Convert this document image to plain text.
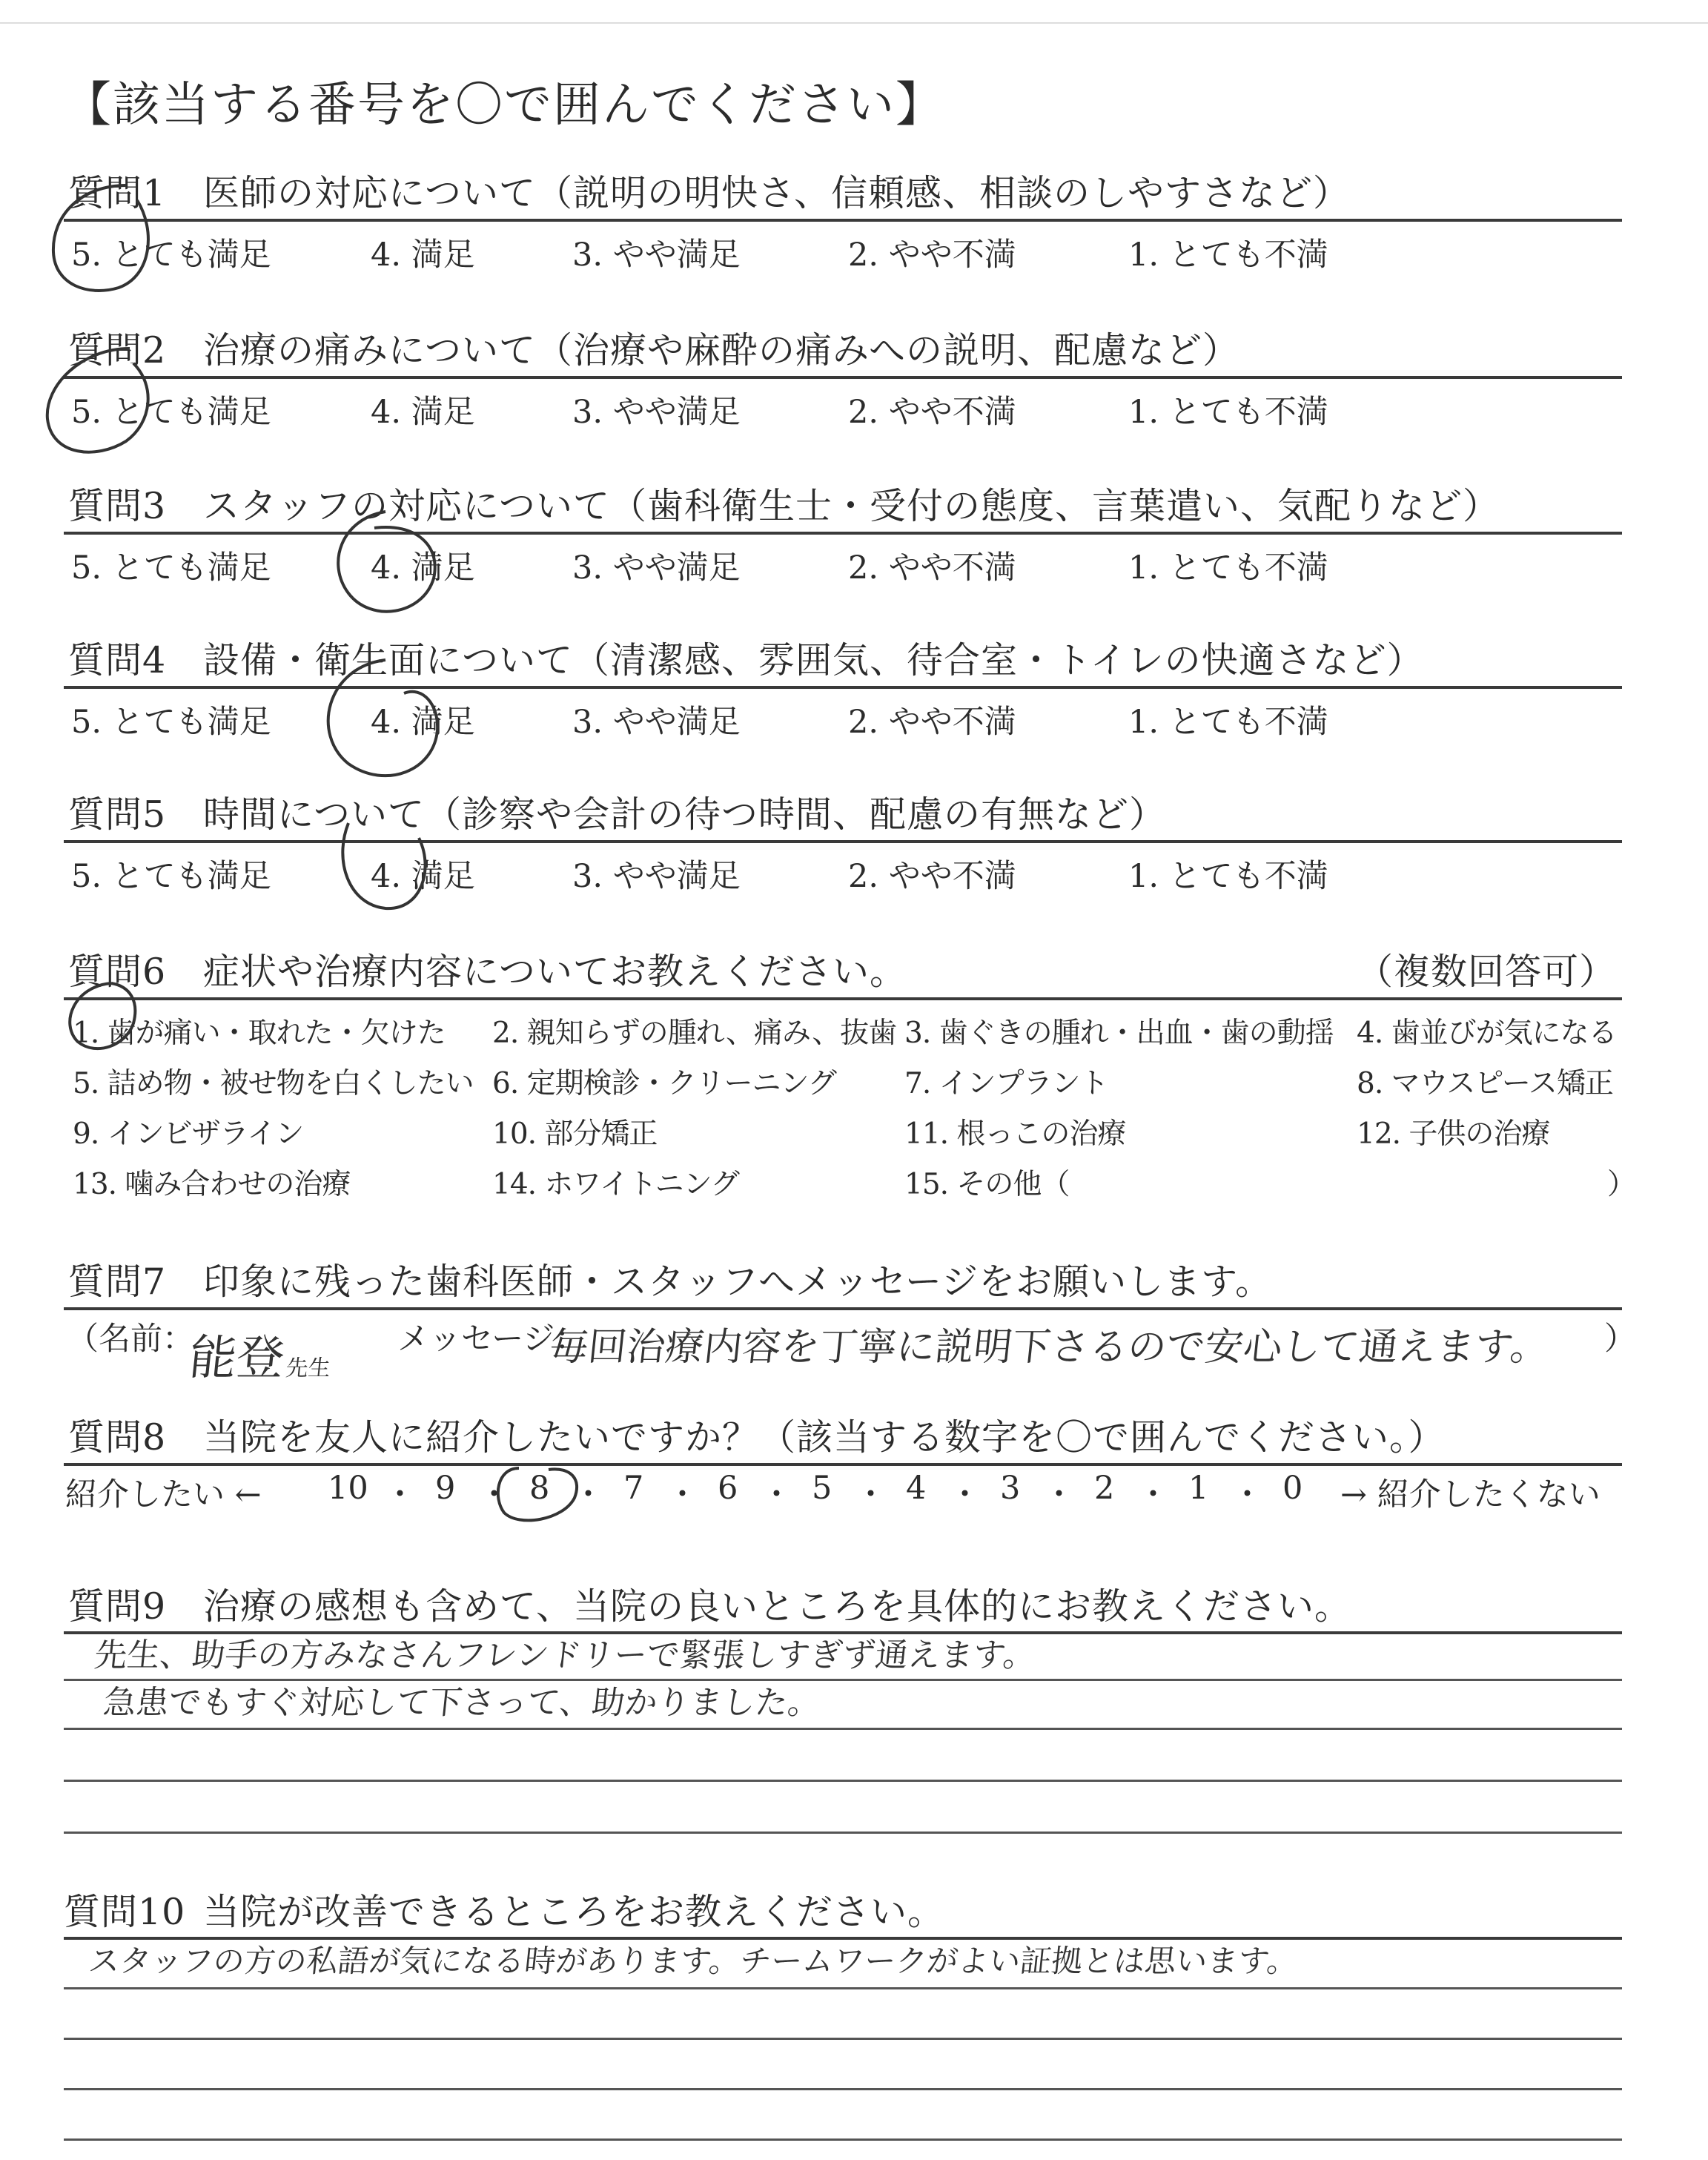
【該当する番号を〇で囲んでください】
質問1 医師の対応について（説明の明快さ、信頼感、相談のしやすさなど）
5. とても満足	4. 満足	3. やや満足	2. やや不満	1. とても不満
質問2 治療の痛みについて（治療や麻酔の痛みへの説明、配慮など）
5. とても満足	4. 満足	3. やや満足	2. やや不満	1. とても不満
質問3 スタッフの対応について（歯科衛生士・受付の態度、言葉遣い、気配りなど）
5. とても満足	4. 満足	3. やや満足	2. やや不満	1. とても不満
質問4 設備・衛生面について（清潔感、雰囲気、待合室・トイレの快適さなど）
5. とても満足	4. 満足	3. やや満足	2. やや不満	1. とても不満
質問5 時間について（診察や会計の待つ時間、配慮の有無など）
5. とても満足	4. 満足	3. やや満足	2. やや不満	1. とても不満
質問6 症状や治療内容についてお教えください。	（複数回答可）
1. 歯が痛い・取れた・欠けた 2. 親知らずの腫れ、痛み、抜歯 3. 歯ぐきの腫れ・出血・歯の動揺 4. 歯並びが気になる
5. 詰め物・被せ物を白くしたい 6. 定期検診・クリーニング 7. インプラント	8. マウスピース矯正
9. インビザライン	10. 部分矯正	11. 根っこの治療	12. 子供の治療
13. 噛み合わせの治療	14. ホワイトニング	15. その他（	）
質問7 印象に残った歯科医師・スタッフへメッセージをお願いします。
（名前：
能登
先生
メッセージ：
毎回治療内容を丁寧に説明下さるので安心して通えます。 ）
質問8 当院を友人に紹介したいですか？（該当する数字を〇で囲んでください。）
紹介したい ←	→ 紹介したくない
10 ・ 9 ・ 8 ・ 7 ・ 6 ・ 5 ・ 4 ・ 3 ・ 2 ・ 1 ・ 0
質問9 治療の感想も含めて、当院の良いところを具体的にお教えください。
先生、助手の方みなさんフレンドリーで緊張しすぎず通えます。
急患でもすぐ対応して下さって、助かりました。
質問10 当院が改善できるところをお教えください。
スタッフの方の私語が気になる時があります。チームワークがよい証拠とは思います。
